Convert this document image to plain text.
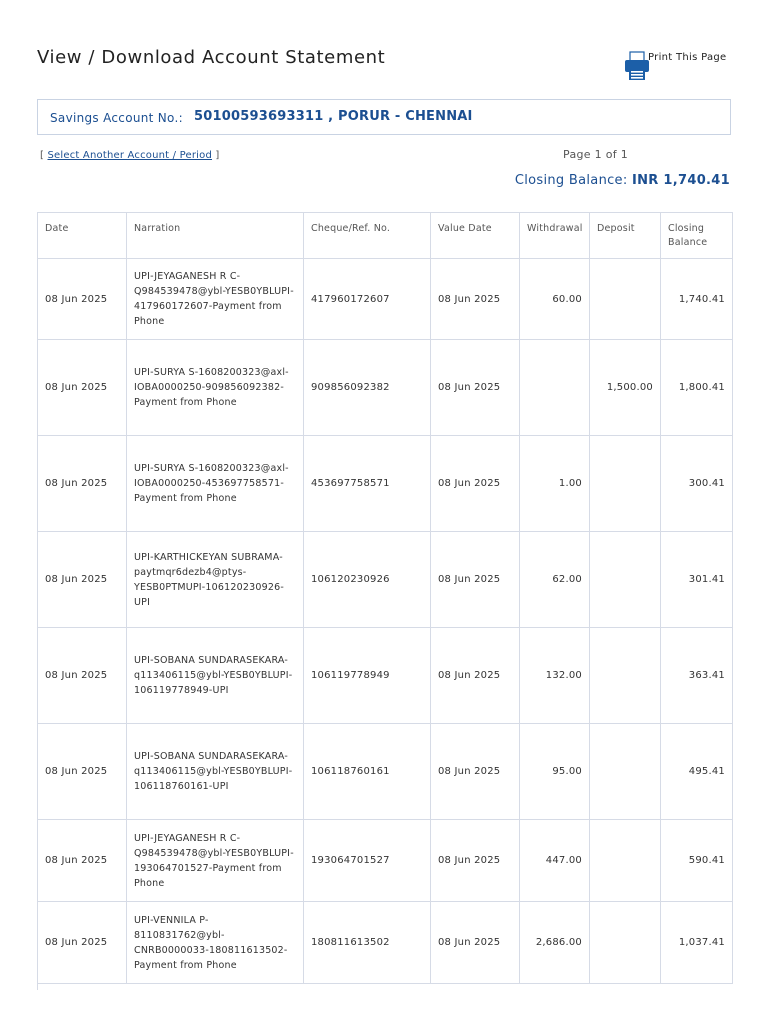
View / Download Account Statement	Print This Page
Savings Account No.: 50100593693311 , PORUR - CHENNAI
[ Select Another Account / Period ]	Page 1 of 1
Closing Balance: INR 1,740.41
Date	Narration	Cheque/Ref. No.	Value Date	Withdrawal	Deposit	Closing Balance
08 Jun 2025	UPI-JEYAGANESH R C-Q984539478@ybl-YESB0YBLUPI-417960172607-Payment from Phone	417960172607	08 Jun 2025	60.00		1,740.41
08 Jun 2025	UPI-SURYA S-1608200323@axl-IOBA0000250-909856092382-Payment from Phone	909856092382	08 Jun 2025		1,500.00	1,800.41
08 Jun 2025	UPI-SURYA S-1608200323@axl-IOBA0000250-453697758571-Payment from Phone	453697758571	08 Jun 2025	1.00		300.41
08 Jun 2025	UPI-KARTHICKEYAN SUBRAMA-paytmqr6dezb4@ptys-YESB0PTMUPI-106120230926-UPI	106120230926	08 Jun 2025	62.00		301.41
08 Jun 2025	UPI-SOBANA SUNDARASEKARA-q113406115@ybl-YESB0YBLUPI-106119778949-UPI	106119778949	08 Jun 2025	132.00		363.41
08 Jun 2025	UPI-SOBANA SUNDARASEKARA-q113406115@ybl-YESB0YBLUPI-106118760161-UPI	106118760161	08 Jun 2025	95.00		495.41
08 Jun 2025	UPI-JEYAGANESH R C-Q984539478@ybl-YESB0YBLUPI-193064701527-Payment from Phone	193064701527	08 Jun 2025	447.00		590.41
08 Jun 2025	UPI-VENNILA P-8110831762@ybl-CNRB0000033-180811613502-Payment from Phone	180811613502	08 Jun 2025	2,686.00		1,037.41
